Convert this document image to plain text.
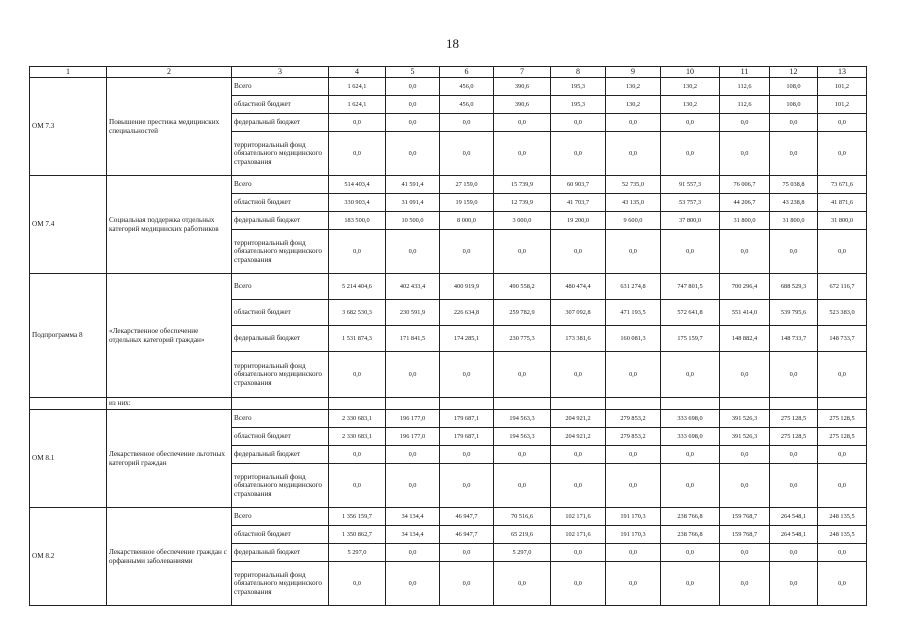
18
1	2	3	4	5	6	7	8	9	10	11	12	13
ОМ 7.3	Повышение престижа медицинских специальностей	Всего	1 624,1	0,0	456,0	390,6	195,3	130,2	130,2	112,6	108,0	101,2
		областной бюджет	1 624,1	0,0	456,0	390,6	195,3	130,2	130,2	112,6	108,0	101,2
		федеральный бюджет	0,0	0,0	0,0	0,0	0,0	0,0	0,0	0,0	0,0	0,0
		территориальный фонд обязательного медицинского страхования	0,0	0,0	0,0	0,0	0,0	0,0	0,0	0,0	0,0	0,0
ОМ 7.4	Социальная поддержка отдельных категорий медицинских работников	Всего	514 403,4	41 591,4	27 159,0	15 739,9	60 903,7	52 735,0	91 557,3	76 006,7	75 038,8	73 671,6
		областной бюджет	330 903,4	31 091,4	19 159,0	12 739,9	41 703,7	43 135,0	53 757,3	44 206,7	43 238,8	41 871,6
		федеральный бюджет	183 500,0	10 500,0	8 000,0	3 000,0	19 200,0	9 600,0	37 800,0	31 800,0	31 800,0	31 800,0
		территориальный фонд обязательного медицинского страхования	0,0	0,0	0,0	0,0	0,0	0,0	0,0	0,0	0,0	0,0
Подпрограмма 8	«Лекарственное обеспечение отдельных категорий граждан»	Всего	5 214 404,6	402 433,4	400 919,9	490 558,2	480 474,4	631 274,8	747 801,5	700 296,4	688 529,3	672 116,7
		областной бюджет	3 682 530,3	230 591,9	226 634,8	259 782,9	307 092,8	471 193,5	572 641,8	551 414,0	539 795,6	523 383,0
		федеральный бюджет	1 531 874,3	171 841,5	174 285,1	230 775,3	173 381,6	160 081,3	175 159,7	148 882,4	148 733,7	148 733,7
		территориальный фонд обязательного медицинского страхования	0,0	0,0	0,0	0,0	0,0	0,0	0,0	0,0	0,0	0,0
	из них:											
ОМ 8.1	Лекарственное обеспечение льготных категорий граждан	Всего	2 330 683,1	196 177,0	179 687,1	194 563,3	204 921,2	279 853,2	333 698,0	391 526,3	275 128,5	275 128,5
		областной бюджет	2 330 683,1	196 177,0	179 687,1	194 563,3	204 921,2	279 853,2	333 698,0	391 526,3	275 128,5	275 128,5
		федеральный бюджет	0,0	0,0	0,0	0,0	0,0	0,0	0,0	0,0	0,0	0,0
		территориальный фонд обязательного медицинского страхования	0,0	0,0	0,0	0,0	0,0	0,0	0,0	0,0	0,0	0,0
ОМ 8.2	Лекарственное обеспечение граждан с орфанными заболеваниями	Всего	1 356 159,7	34 134,4	46 947,7	70 516,6	102 171,6	191 170,3	238 766,8	159 768,7	264 548,1	248 135,5
		областной бюджет	1 350 862,7	34 134,4	46 947,7	65 219,6	102 171,6	191 170,3	238 766,8	159 768,7	264 548,1	248 135,5
		федеральный бюджет	5 297,0	0,0	0,0	5 297,0	0,0	0,0	0,0	0,0	0,0	0,0
		территориальный фонд обязательного медицинского страхования	0,0	0,0	0,0	0,0	0,0	0,0	0,0	0,0	0,0	0,0
